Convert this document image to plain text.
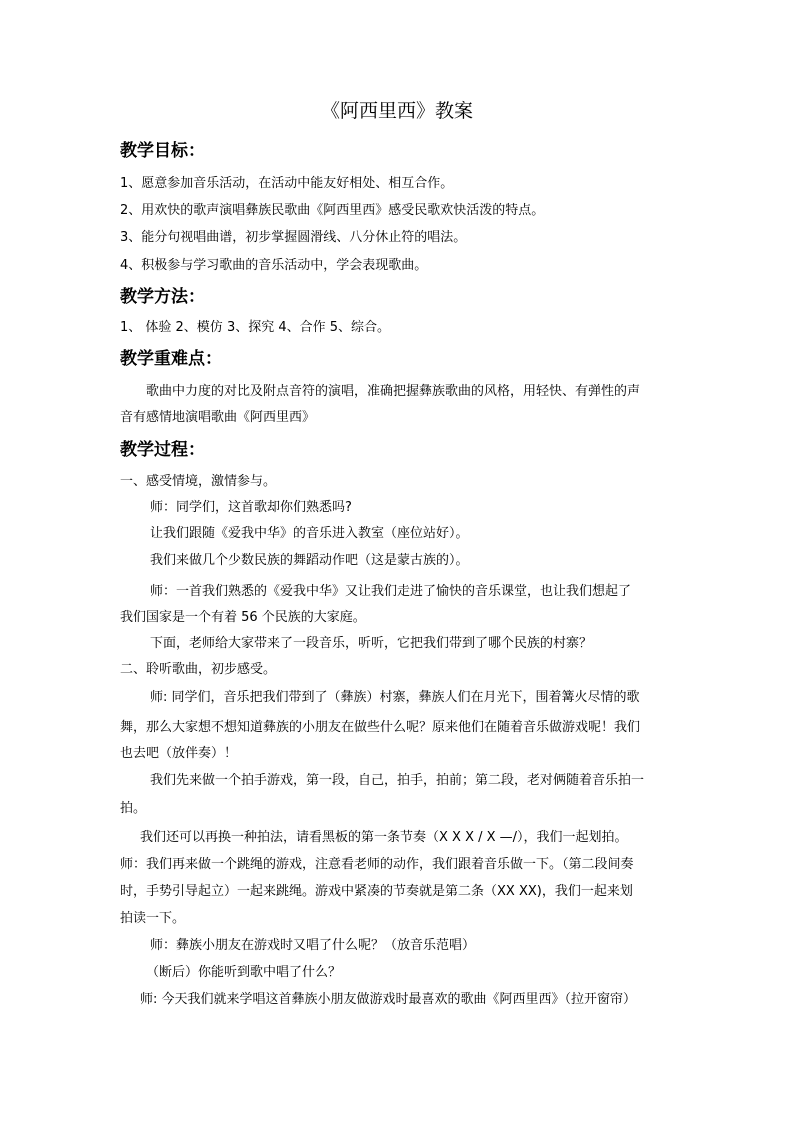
《阿西里西》教案
教学目标：
1、愿意参加音乐活动，在活动中能友好相处、相互合作。
2、用欢快的歌声演唱彝族民歌曲《阿西里西》感受民歌欢快活泼的特点。
3、能分句视唱曲谱，初步掌握圆滑线、八分休止符的唱法。
4、积极参与学习歌曲的音乐活动中，学会表现歌曲。
教学方法：
1、 体验 2、模仿 3、探究 4、合作 5、综合。
教学重难点：
歌曲中力度的对比及附点音符的演唱，准确把握彝族歌曲的风格，用轻快、有弹性的声
音有感情地演唱歌曲《阿西里西》
教学过程：
一、感受情境，激情参与。
师：同学们，这首歌却你们熟悉吗?
让我们跟随《爱我中华》的音乐进入教室（座位站好）。
我们来做几个少数民族的舞蹈动作吧（这是蒙古族的）。
师：一首我们熟悉的《爱我中华》又让我们走进了愉快的音乐课堂，也让我们想起了
我们国家是一个有着 56 个民族的大家庭。
下面，老师给大家带来了一段音乐，听听，它把我们带到了哪个民族的村寨？
二、聆听歌曲，初步感受。
师: 同学们，音乐把我们带到了（彝族）村寨，彝族人们在月光下，围着篝火尽情的歌
舞，那么大家想不想知道彝族的小朋友在做些什么呢？原来他们在随着音乐做游戏呢！我们
也去吧（放伴奏）！
我们先来做一个拍手游戏，第一段，自己，拍手，拍前；第二段，老对俩随着音乐拍一
拍。
我们还可以再换一种拍法，请看黑板的第一条节奏（X X X / X —/），我们一起划拍。
师：我们再来做一个跳绳的游戏，注意看老师的动作，我们跟着音乐做一下。（第二段间奏
时，手势引导起立）一起来跳绳。游戏中紧凑的节奏就是第二条（XX XX)，我们一起来划
拍读一下。
师：彝族小朋友在游戏时又唱了什么呢？（放音乐范唱）
（断后）你能听到歌中唱了什么？
师: 今天我们就来学唱这首彝族小朋友做游戏时最喜欢的歌曲《阿西里西》（拉开窗帘）
